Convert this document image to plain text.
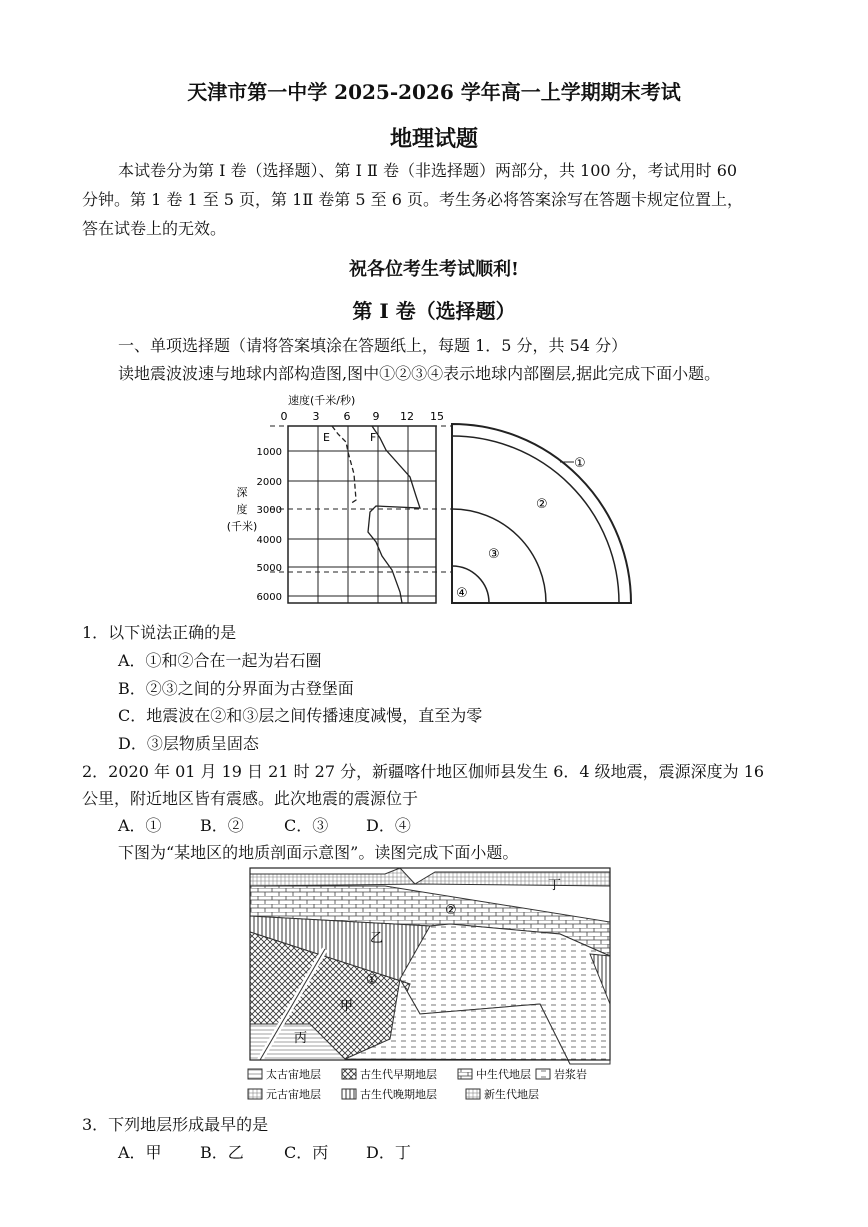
天津市第一中学 2025-2026 学年高一上学期期末考试
地理试题
本试卷分为第 I 卷（选择题）、第 I Ⅱ 卷（非选择题）两部分，共 100 分，考试用时 60
分钟。第 1 卷 1 至 5 页，第 1Ⅱ 卷第 5 至 6 页。考生务必将答案涂写在答题卡规定位置上，
答在试卷上的无效。
祝各位考生考试顺利!
第 I 卷（选择题）
一、单项选择题（请将答案填涂在答题纸上，每题 1．5 分，共 54 分）
读地震波波速与地球内部构造图,图中①②③④表示地球内部圈层,据此完成下面小题。
速度(千米/秒)
0 3 6 9 12 15
1000
2000
3000
4000
5000
6000
深
度
(千米)
E	F
①
②
③
④
1．以下说法正确的是
A．①和②合在一起为岩石圈
B．②③之间的分界面为古登堡面
C．地震波在②和③层之间传播速度减慢，直至为零
D．③层物质呈固态
2．2020 年 01 月 19 日 21 时 27 分，新疆喀什地区伽师县发生 6．4 级地震，震源深度为 16
公里，附近地区皆有震感。此次地震的震源位于
A．① B．②	C．③ D．④
下图为“某地区的地质剖面示意图”。读图完成下面小题。
乙
丁
①
②
甲
丙
太古宙地层	古生代早期地层	中生代地层 岩浆岩
元古宙地层	古生代晚期地层	新生代地层
3．下列地层形成最早的是
A．甲 B．乙	C．丙 D．丁
